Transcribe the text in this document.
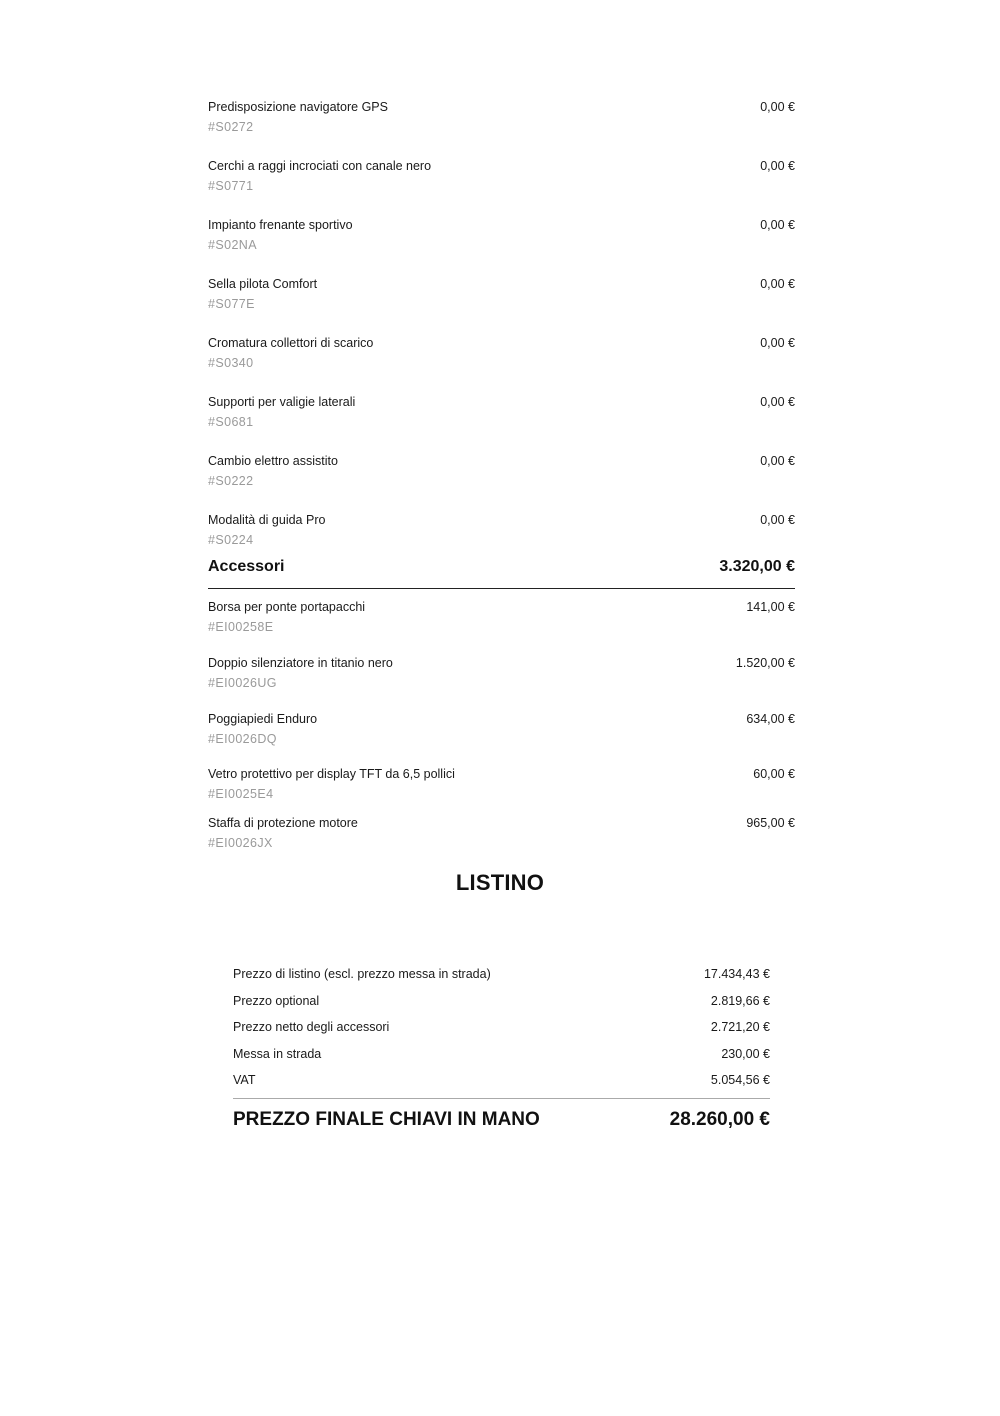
Predisposizione navigatore GPS
#S0272
0,00 €
Cerchi a raggi incrociati con canale nero
#S0771
0,00 €
Impianto frenante sportivo
#S02NA
0,00 €
Sella pilota Comfort
#S077E
0,00 €
Cromatura collettori di scarico
#S0340
0,00 €
Supporti per valigie laterali
#S0681
0,00 €
Cambio elettro assistito
#S0222
0,00 €
Modalità di guida Pro
#S0224
0,00 €
Accessori	3.320,00 €
Borsa per ponte portapacchi
#EI00258E
141,00 €
Doppio silenziatore in titanio nero
#EI0026UG
1.520,00 €
Poggiapiedi Enduro
#EI0026DQ
634,00 €
Vetro protettivo per display TFT da 6,5 pollici
#EI0025E4
60,00 €
Staffa di protezione motore
#EI0026JX
965,00 €
LISTINO
Prezzo di listino (escl. prezzo messa in strada)	17.434,43 €
Prezzo optional	2.819,66 €
Prezzo netto degli accessori	2.721,20 €
Messa in strada	230,00 €
VAT	5.054,56 €
PREZZO FINALE CHIAVI IN MANO	28.260,00 €
